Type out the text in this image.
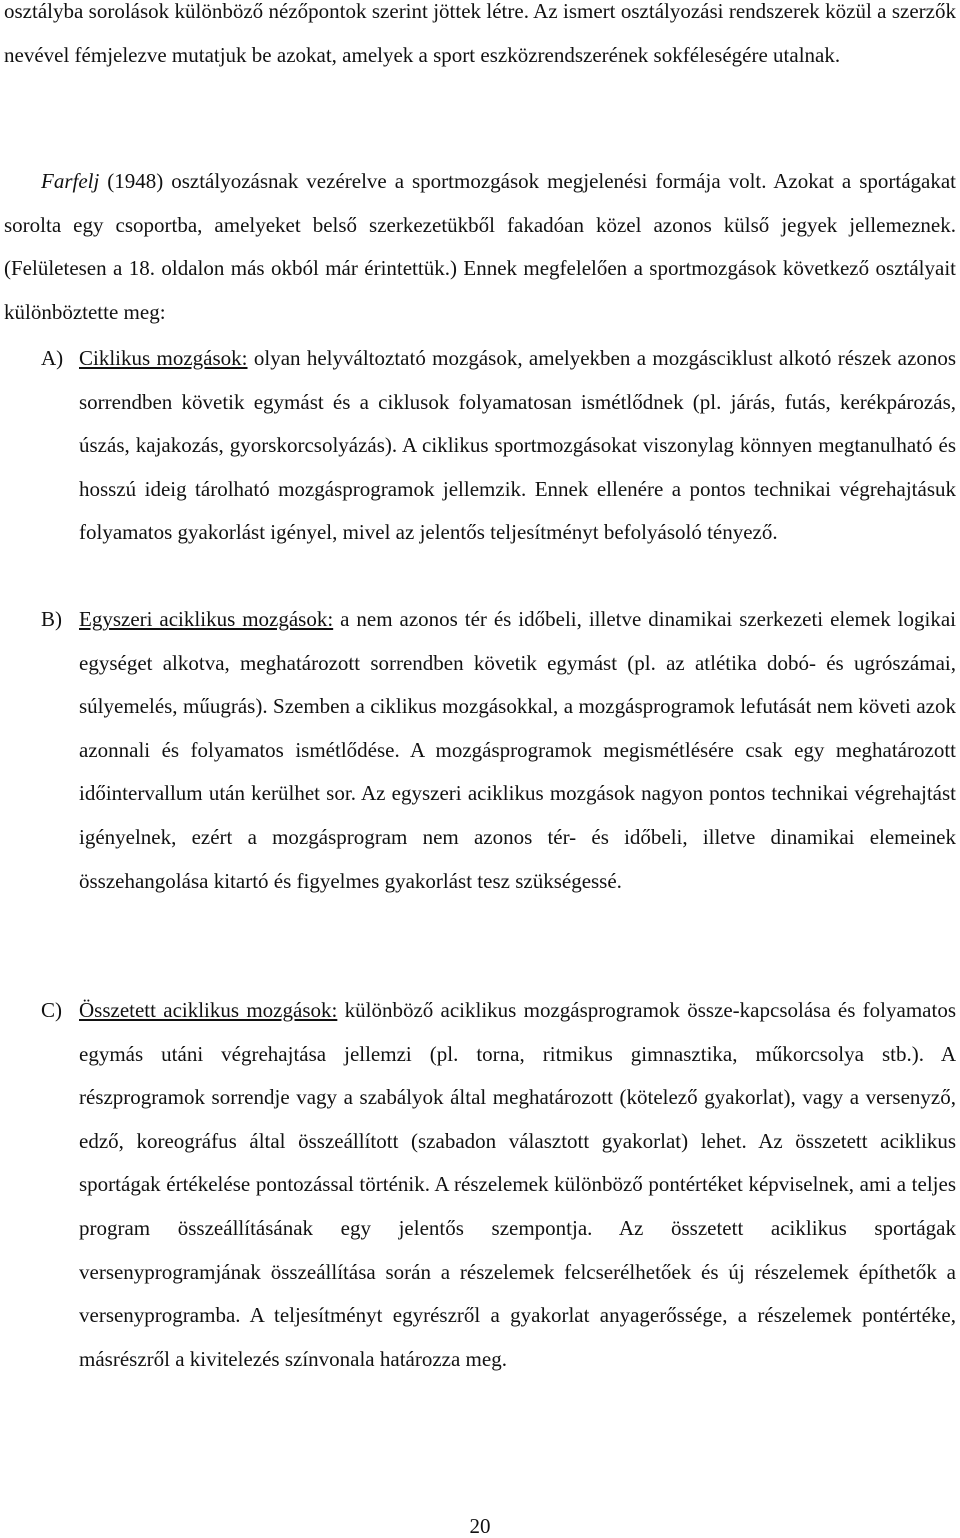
osztályba sorolások különböző nézőpontok szerint jöttek létre. Az ismert osztályozási rendszerek közül a szerzők nevével fémjelezve mutatjuk be azokat, amelyek a sport eszközrendszerének sokféleségére utalnak.

Farfelj (1948) osztályozásnak vezérelve a sportmozgások megjelenési formája volt. Azokat a sportágakat sorolta egy csoportba, amelyeket belső szerkezetükből fakadóan közel azonos külső jegyek jellemeznek. (Felületesen a 18. oldalon más okból már érintettük.) Ennek megfelelően a sportmozgások következő osztályait különböztette meg:

A) Ciklikus mozgások: olyan helyváltoztató mozgások, amelyekben a mozgásciklust alkotó részek azonos sorrendben követik egymást és a ciklusok folyamatosan ismétlődnek (pl. járás, futás, kerékpározás, úszás, kajakozás, gyorskorcsolyázás). A ciklikus sportmozgásokat viszonylag könnyen megtanulható és hosszú ideig tárolható mozgásprogramok jellemzik. Ennek ellenére a pontos technikai végrehajtásuk folyamatos gyakorlást igényel, mivel az jelentős teljesítményt befolyásoló tényező.
B) Egyszeri aciklikus mozgások: a nem azonos tér és időbeli, illetve dinamikai szerkezeti elemek logikai egységet alkotva, meghatározott sorrendben követik egymást (pl. az atlétika dobó- és ugrószámai, súlyemelés, műugrás). Szemben a ciklikus mozgásokkal, a mozgásprogramok lefutását nem követi azok azonnali és folyamatos ismétlődése. A mozgásprogramok megismétlésére csak egy meghatározott időintervallum után kerülhet sor. Az egyszeri aciklikus mozgások nagyon pontos technikai végrehajtást igényelnek, ezért a mozgásprogram nem azonos tér- és időbeli, illetve dinamikai elemeinek összehangolása kitartó és figyelmes gyakorlást tesz szükségessé.
C) Összetett aciklikus mozgások: különböző aciklikus mozgásprogramok össze-kapcsolása és folyamatos egymás utáni végrehajtása jellemzi (pl. torna, ritmikus gimnasztika, műkorcsolya stb.). A részprogramok sorrendje vagy a szabályok által meghatározott (kötelező gyakorlat), vagy a versenyző, edző, koreográfus által összeállított (szabadon választott gyakorlat) lehet. Az összetett aciklikus sportágak értékelése pontozással történik. A részelemek különböző pontértéket képviselnek, ami a teljes program összeállításának egy jelentős szempontja. Az összetett aciklikus sportágak versenyprogramjának összeállítása során a részelemek felcserélhetőek és új részelemek építhetők a versenyprogramba. A teljesítményt egyrészről a gyakorlat anyagerőssége, a részelemek pontértéke, másrészről a kivitelezés színvonala határozza meg.
20
